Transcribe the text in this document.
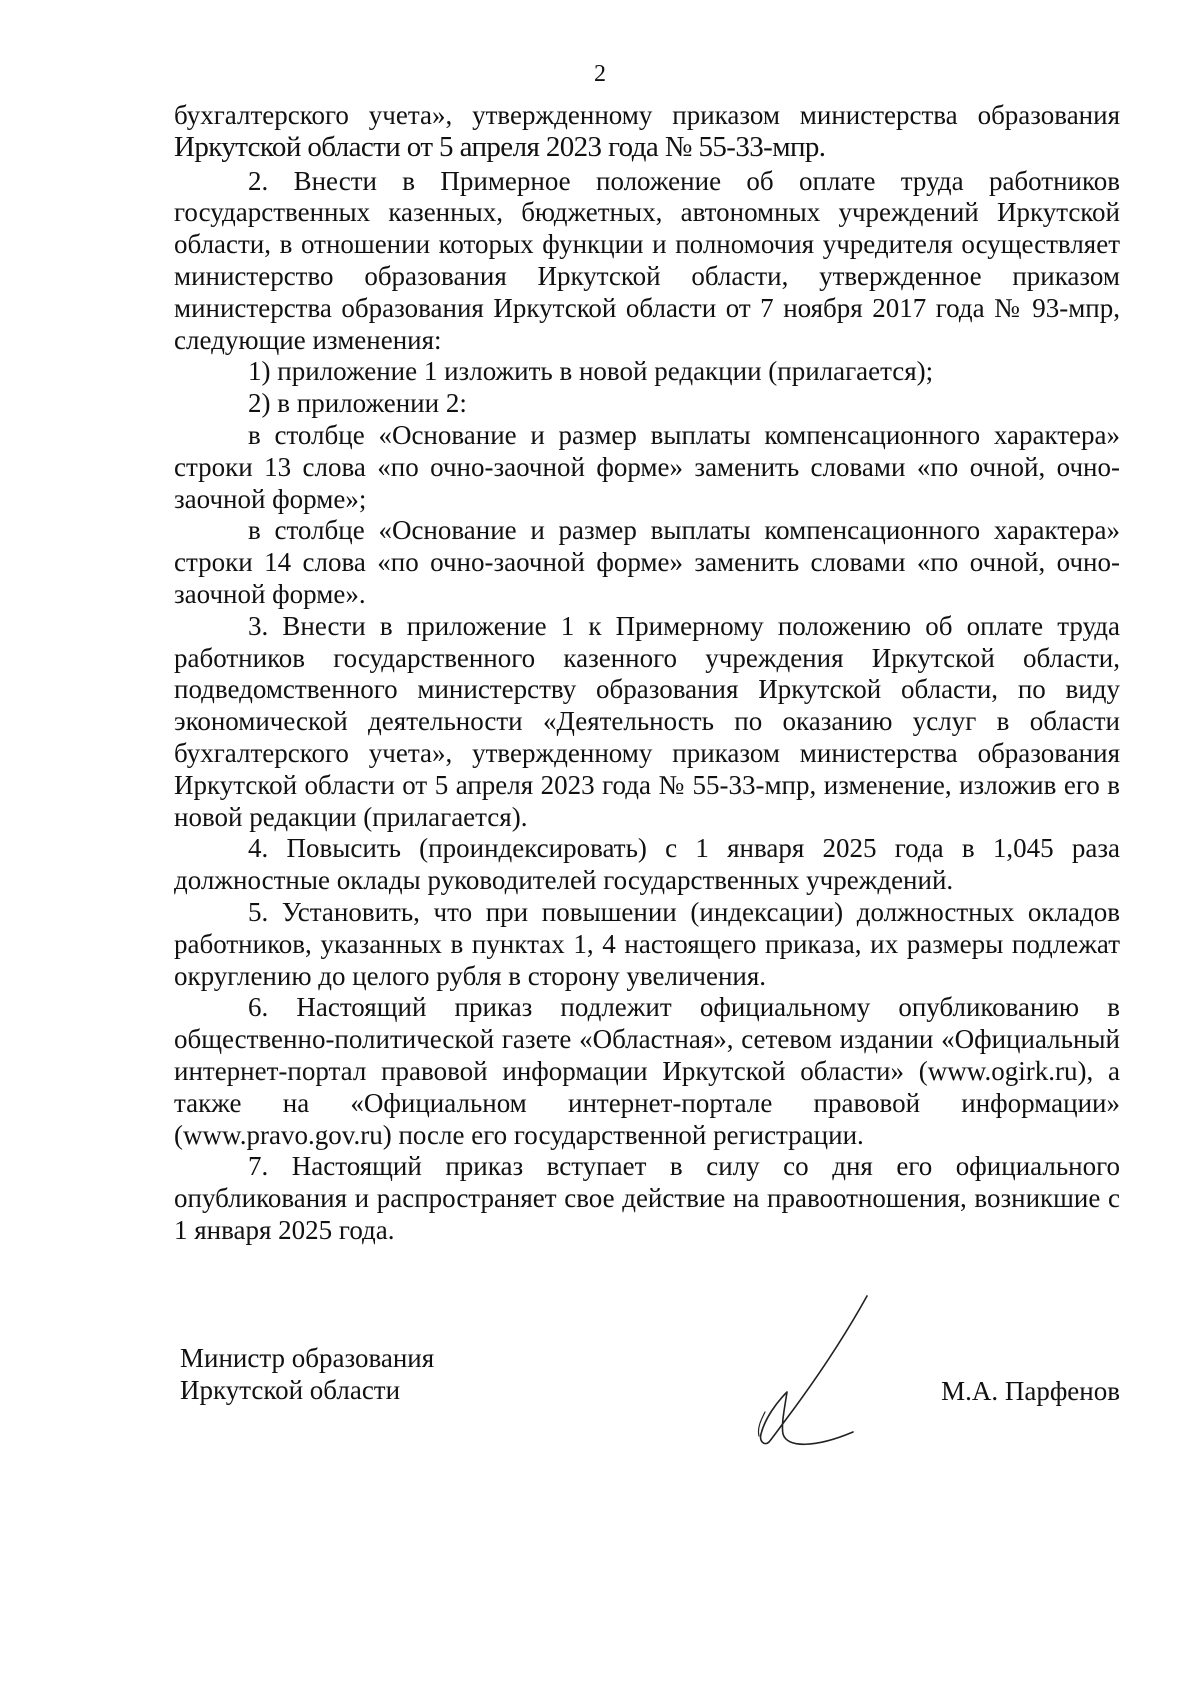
2

бухгалтерского учета», утвержденному приказом министерства образования

Иркутской области от 5 апреля 2023 года № 55-33-мпр.

2. Внести в Примерное положение об оплате труда работников государственных казенных, бюджетных, автономных учреждений Иркутской области, в отношении которых функции и полномочия учредителя осуществляет министерство образования Иркутской области, утвержденное приказом министерства образования Иркутской области от 7 ноября 2017 года № 93-мпр, следующие изменения:

1) приложение 1 изложить в новой редакции (прилагается);

2) в приложении 2:

в столбце «Основание и размер выплаты компенсационного характера» строки 13 слова «по очно-заочной форме» заменить словами «по очной, очно-заочной форме»;

в столбце «Основание и размер выплаты компенсационного характера» строки 14 слова «по очно-заочной форме» заменить словами «по очной, очно-заочной форме».

3. Внести в приложение 1 к Примерному положению об оплате труда работников государственного казенного учреждения Иркутской области, подведомственного министерству образования Иркутской области, по виду экономической деятельности «Деятельность по оказанию услуг в области бухгалтерского учета», утвержденному приказом министерства образования Иркутской области от 5 апреля 2023 года № 55-33-мпр, изменение, изложив его в новой редакции (прилагается).

4. Повысить (проиндексировать) с 1 января 2025 года в 1,045 раза должностные оклады руководителей государственных учреждений.

5. Установить, что при повышении (индексации) должностных окладов работников, указанных в пунктах 1, 4 настоящего приказа, их размеры подлежат округлению до целого рубля в сторону увеличения.

6. Настоящий приказ подлежит официальному опубликованию в общественно-политической газете «Областная», сетевом издании «Официальный интернет-портал правовой информации Иркутской области» (www.ogirk.ru), а также на «Официальном интернет-портале правовой информации» (www.pravo.gov.ru) после его государственной регистрации.

7. Настоящий приказ вступает в силу со дня его официального опубликования и распространяет свое действие на правоотношения, возникшие с 1 января 2025 года.

Министр образования
Иркутской области	М.А. Парфенов
